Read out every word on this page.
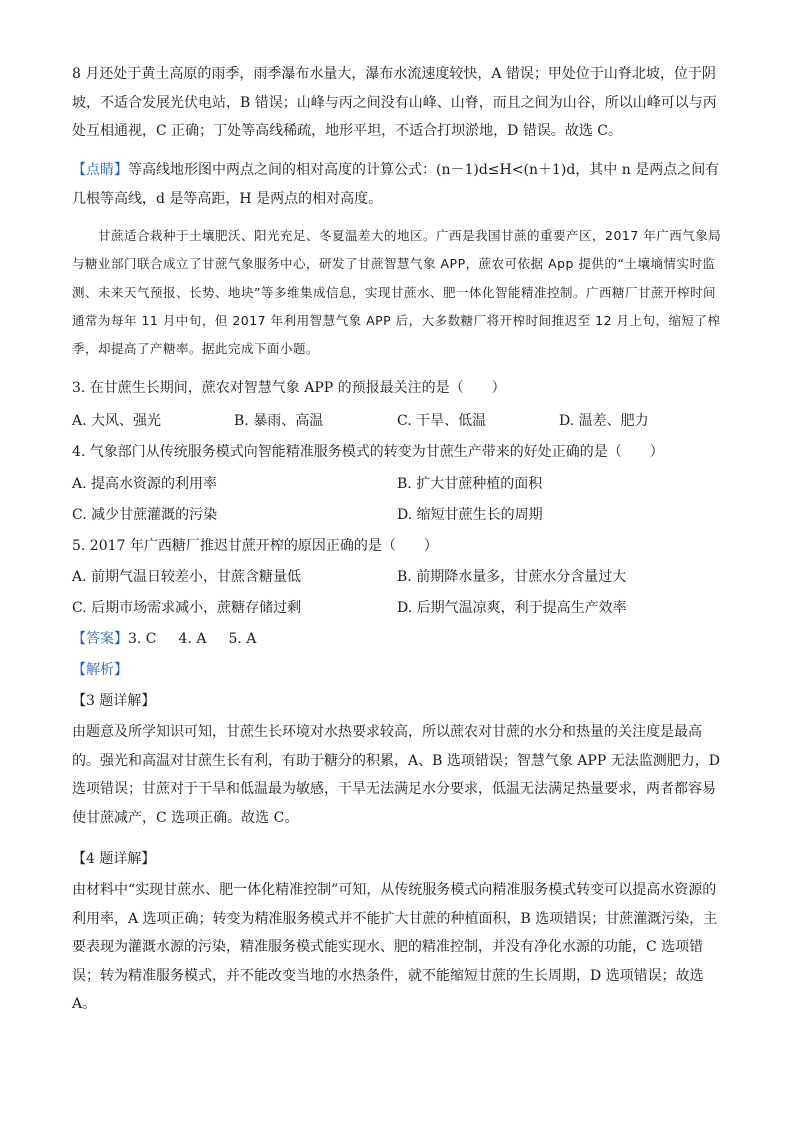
8 月还处于黄土高原的雨季，雨季瀑布水量大，瀑布水流速度较快，A 错误；甲处位于山脊北坡，位于阴坡，不适合发展光伏电站，B 错误；山峰与丙之间没有山峰、山脊，而且之间为山谷，所以山峰可以与丙处互相通视，C 正确；丁处等高线稀疏，地形平坦，不适合打坝淤地，D 错误。故选 C。

【点睛】等高线地形图中两点之间的相对高度的计算公式：(n－1)d≤H<(n＋1)d，其中 n 是两点之间有几根等高线，d 是等高距，H 是两点的相对高度。

甘蔗适合栽种于土壤肥沃、阳光充足、冬夏温差大的地区。广西是我国甘蔗的重要产区，2017 年广西气象局与糖业部门联合成立了甘蔗气象服务中心，研发了甘蔗智慧气象 APP，蔗农可依据 App 提供的“土壤墒情实时监测、未来天气预报、长势、地块”等多维集成信息，实现甘蔗水、肥一体化智能精准控制。广西糖厂甘蔗开榨时间通常为每年 11 月中旬，但 2017 年利用智慧气象 APP 后，大多数糖厂将开榨时间推迟至 12 月上旬，缩短了榨季，却提高了产糖率。据此完成下面小题。

3. 在甘蔗生长期间，蔗农对智慧气象 APP 的预报最关注的是（　　）
A. 大风、强光	B. 暴雨、高温	C. 干旱、低温	D. 温差、肥力
4. 气象部门从传统服务模式向智能精准服务模式的转变为甘蔗生产带来的好处正确的是（　　）
A. 提高水资源的利用率	B. 扩大甘蔗种植的面积
C. 减少甘蔗灌溉的污染	D. 缩短甘蔗生长的周期
5. 2017 年广西糖厂推迟甘蔗开榨的原因正确的是（　　）
A. 前期气温日较差小，甘蔗含糖量低	B. 前期降水量多，甘蔗水分含量过大
C. 后期市场需求减小，蔗糖存储过剩	D. 后期气温凉爽，利于提高生产效率
【答案】3. C 4. A 5. A
【解析】
【3 题详解】

由题意及所学知识可知，甘蔗生长环境对水热要求较高，所以蔗农对甘蔗的水分和热量的关注度是最高的。强光和高温对甘蔗生长有利，有助于糖分的积累，A、B 选项错误；智慧气象 APP 无法监测肥力，D 选项错误；甘蔗对于干旱和低温最为敏感，干旱无法满足水分要求，低温无法满足热量要求，两者都容易使甘蔗减产，C 选项正确。故选 C。

【4 题详解】

由材料中“实现甘蔗水、肥一体化精准控制”可知，从传统服务模式向精准服务模式转变可以提高水资源的利用率，A 选项正确；转变为精准服务模式并不能扩大甘蔗的种植面积，B 选项错误；甘蔗灌溉污染，主要表现为灌溉水源的污染，精准服务模式能实现水、肥的精准控制，并没有净化水源的功能，C 选项错误；转为精准服务模式，并不能改变当地的水热条件，就不能缩短甘蔗的生长周期，D 选项错误；故选 A。
